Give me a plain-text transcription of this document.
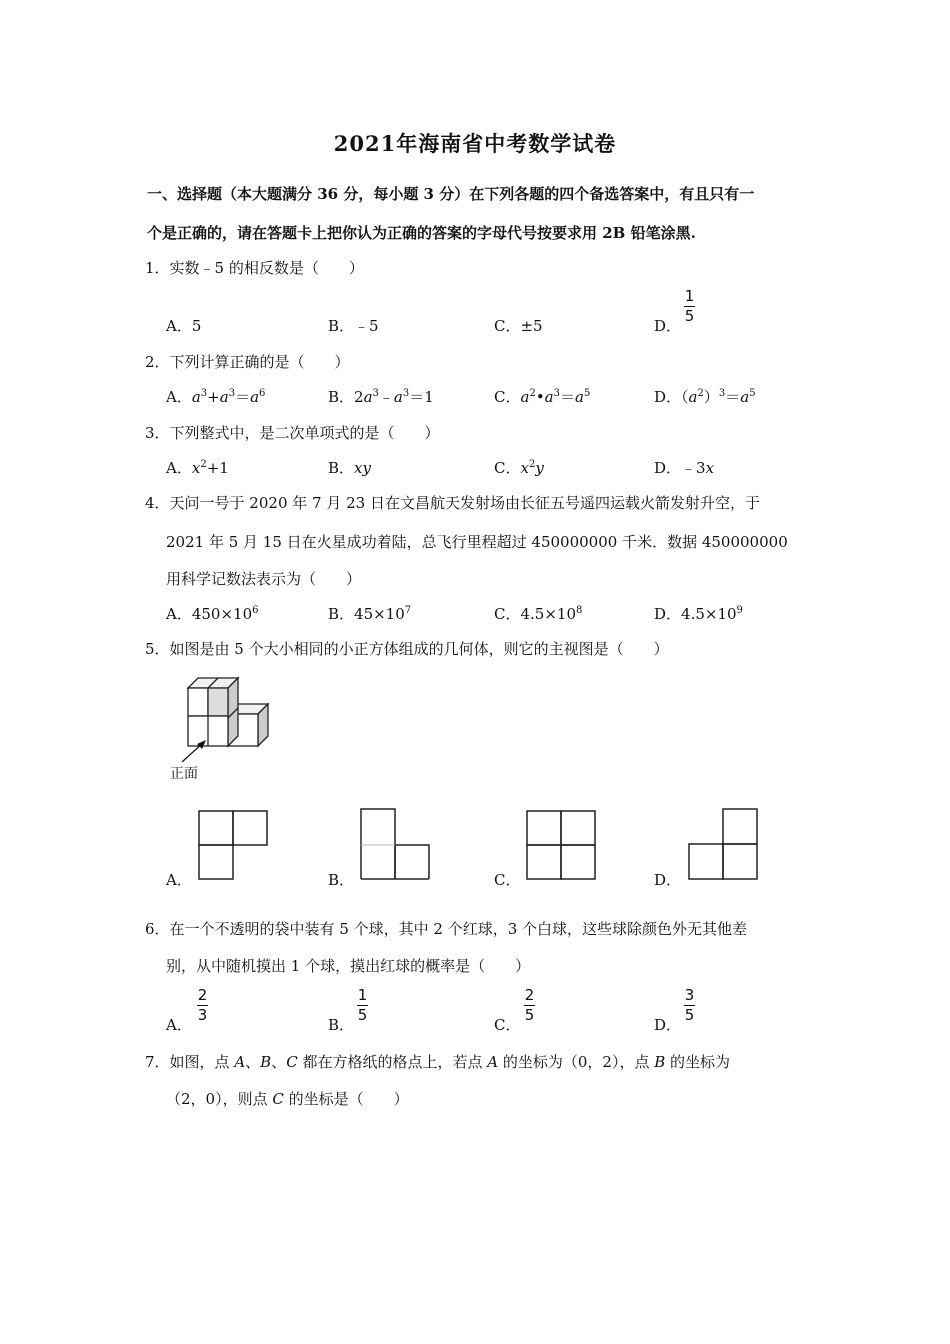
2021年海南省中考数学试卷
一、选择题（本大题满分 36 分，每小题 3 分）在下列各题的四个备选答案中，有且只有一
个是正确的，请在答题卡上把你认为正确的答案的字母代号按要求用 2B 铅笔涂黑.
1．实数﹣5 的相反数是（　　）
A．5	B．﹣5	C．±5	D．
1
5
2．下列计算正确的是（　　）
A．$a^3+a^3=a^6$	B．$2a^3﹣a^3=1$	C．$a^2•a^3=a^5$	D．$(a^2)^3=a^5$
3．下列整式中，是二次单项式的是（　　）
A．$x^2+1$	B．xy	C．$x^2y$	D．﹣3x
4．天问一号于 2020 年 7 月 23 日在文昌航天发射场由长征五号遥四运载火箭发射升空，于
2021 年 5 月 15 日在火星成功着陆，总飞行里程超过 450000000 千米．数据 450000000
用科学记数法表示为（　　）
A．$450\times 10^6$	B．$45\times 10^7$	C．$4.5\times 10^8$	D．$4.5\times 10^9$
5．如图是由 5 个大小相同的小正方体组成的几何体，则它的主视图是（　　）
正面
A．	B．	C．	D．
6．在一个不透明的袋中装有 5 个球，其中 2 个红球，3 个白球，这些球除颜色外无其他差
别，从中随机摸出 1 个球，摸出红球的概率是（　　）
A．
2
3
B．
1
5
C．
2
5
D．
3
5
7．如图，点 A、B、C 都在方格纸的格点上，若点 A 的坐标为（0，2），点 B 的坐标为
（2，0），则点 C 的坐标是（　　）
